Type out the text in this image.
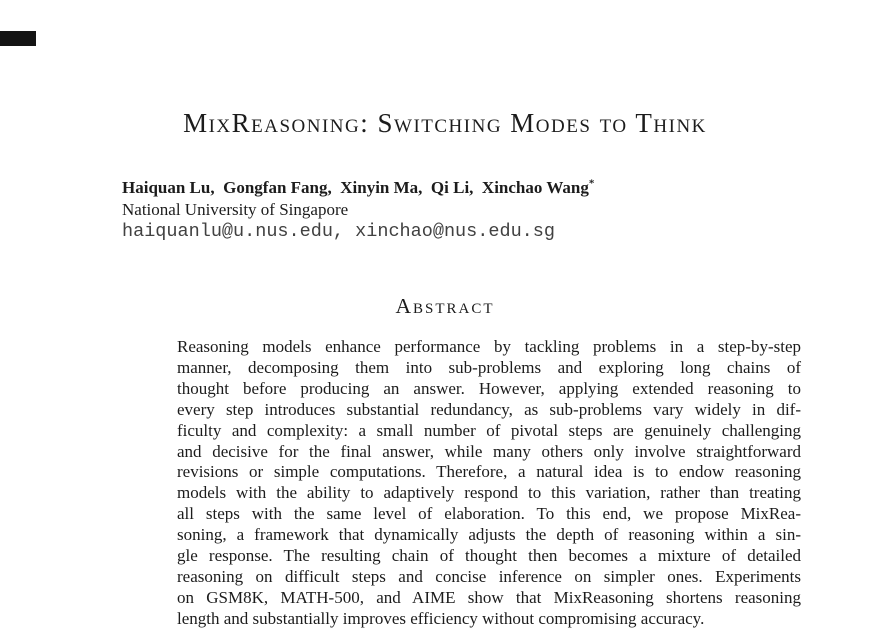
MixReasoning: Switching Modes to Think
Haiquan Lu,  Gongfan Fang,  Xinyin Ma,  Qi Li,  Xinchao Wang*
National University of Singapore
haiquanlu@u.nus.edu, xinchao@nus.edu.sg
Abstract
Reasoning models enhance performance by tackling problems in a step-by-step
manner, decomposing them into sub-problems and exploring long chains of
thought before producing an answer. However, applying extended reasoning to
every step introduces substantial redundancy, as sub-problems vary widely in dif-
ficulty and complexity: a small number of pivotal steps are genuinely challenging
and decisive for the final answer, while many others only involve straightforward
revisions or simple computations. Therefore, a natural idea is to endow reasoning
models with the ability to adaptively respond to this variation, rather than treating
all steps with the same level of elaboration. To this end, we propose MixRea-
soning, a framework that dynamically adjusts the depth of reasoning within a sin-
gle response. The resulting chain of thought then becomes a mixture of detailed
reasoning on difficult steps and concise inference on simpler ones. Experiments
on GSM8K, MATH-500, and AIME show that MixReasoning shortens reasoning
length and substantially improves efficiency without compromising accuracy.
